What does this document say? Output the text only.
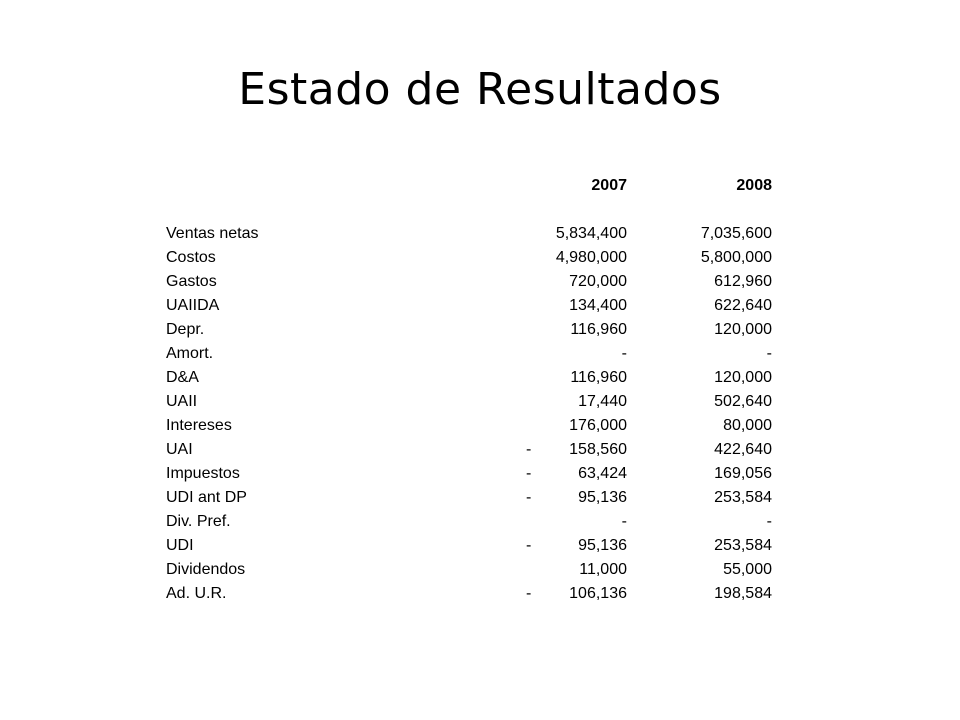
Estado de Resultados
2007	2008
Ventas netas	5,834,400	7,035,600
Costos	4,980,000	5,800,000
Gastos	720,000	612,960
UAIIDA	134,400	622,640
Depr.	116,960	120,000
Amort.	-	-
D&A	116,960	120,000
UAII	17,440	502,640
Intereses	176,000	80,000
UAI	-	158,560	422,640
Impuestos	-	63,424	169,056
UDI ant DP	-	95,136	253,584
Div. Pref.	-	-
UDI	-	95,136	253,584
Dividendos	11,000	55,000
Ad. U.R.	-	106,136	198,584
